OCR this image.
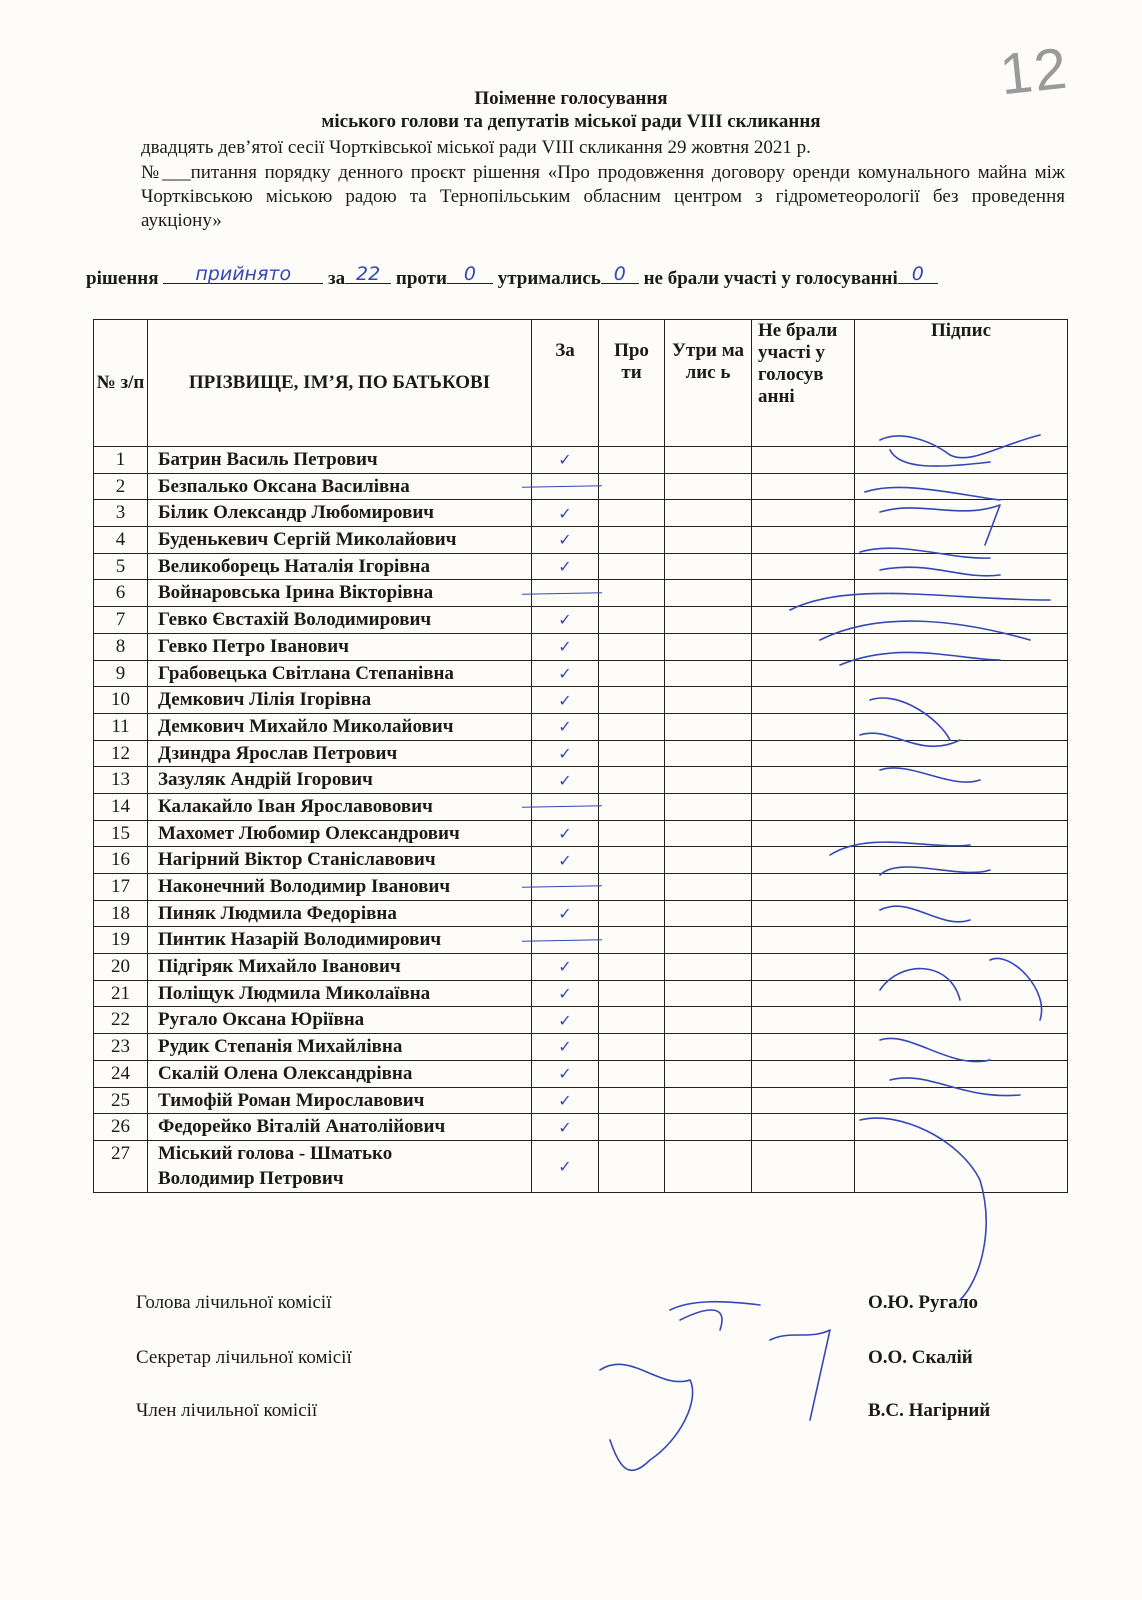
12
Поіменне голосування
міського голови та депутатів міської ради VIII скликання
двадцять дев’ятої сесії Чортківської міської ради VIII скликання 29 жовтня 2021 р.
№___питання порядку денного проєкт рішення «Про продовження договору оренди комунального майна між Чортківською міською радою та Тернопільським обласним центром з гідрометеорології без проведення аукціону»
рішення прийнято за 22 проти 0 утримались 0 не брали участі у голосуванні 0
№ з/п	ПРІЗВИЩЕ, ІМ’Я, ПО БАТЬКОВІ	За	Про ти	Утри малис ь	Не брали участі у голосув анні	Підпис
1	Батрин Василь Петрович	✓				
2	Безпалько Оксана Василівна	

3	Білик Олександр Любомирович	✓				
4	Буденькевич Сергій Миколайович	✓				
5	Великоборець Наталія Ігорівна	✓				
6	Войнаровська Ірина Вікторівна	

7	Гевко Євстахій Володимирович	✓				
8	Гевко Петро Іванович	✓				
9	Грабовецька Світлана Степанівна	✓				
10	Демкович Лілія Ігорівна	✓				
11	Демкович Михайло Миколайович	✓				
12	Дзиндра Ярослав Петрович	✓				
13	Зазуляк Андрій Ігорович	✓				
14	Калакайло Іван Ярославовович	

15	Махомет Любомир Олександрович	✓				
16	Нагірний Віктор Станіславович	✓				
17	Наконечний Володимир Іванович	

18	Пиняк Людмила Федорівна	✓				
19	Пинтик Назарій Володимирович	

20	Підгіряк Михайло Іванович	✓				
21	Поліщук Людмила Миколаївна	✓				
22	Ругало Оксана Юріївна	✓				
23	Рудик Степанія Михайлівна	✓				
24	Скалій Олена Олександрівна	✓				
25	Тимофій Роман Мирославович	✓				
26	Федорейко Віталій Анатолійович	✓				
27	Міський голова - Шматько
Володимир Петрович	✓				
Голова лічильної комісії	О.Ю. Ругало
Секретар лічильної комісії	О.О. Скалій
Член лічильної комісії	В.С. Нагірний
